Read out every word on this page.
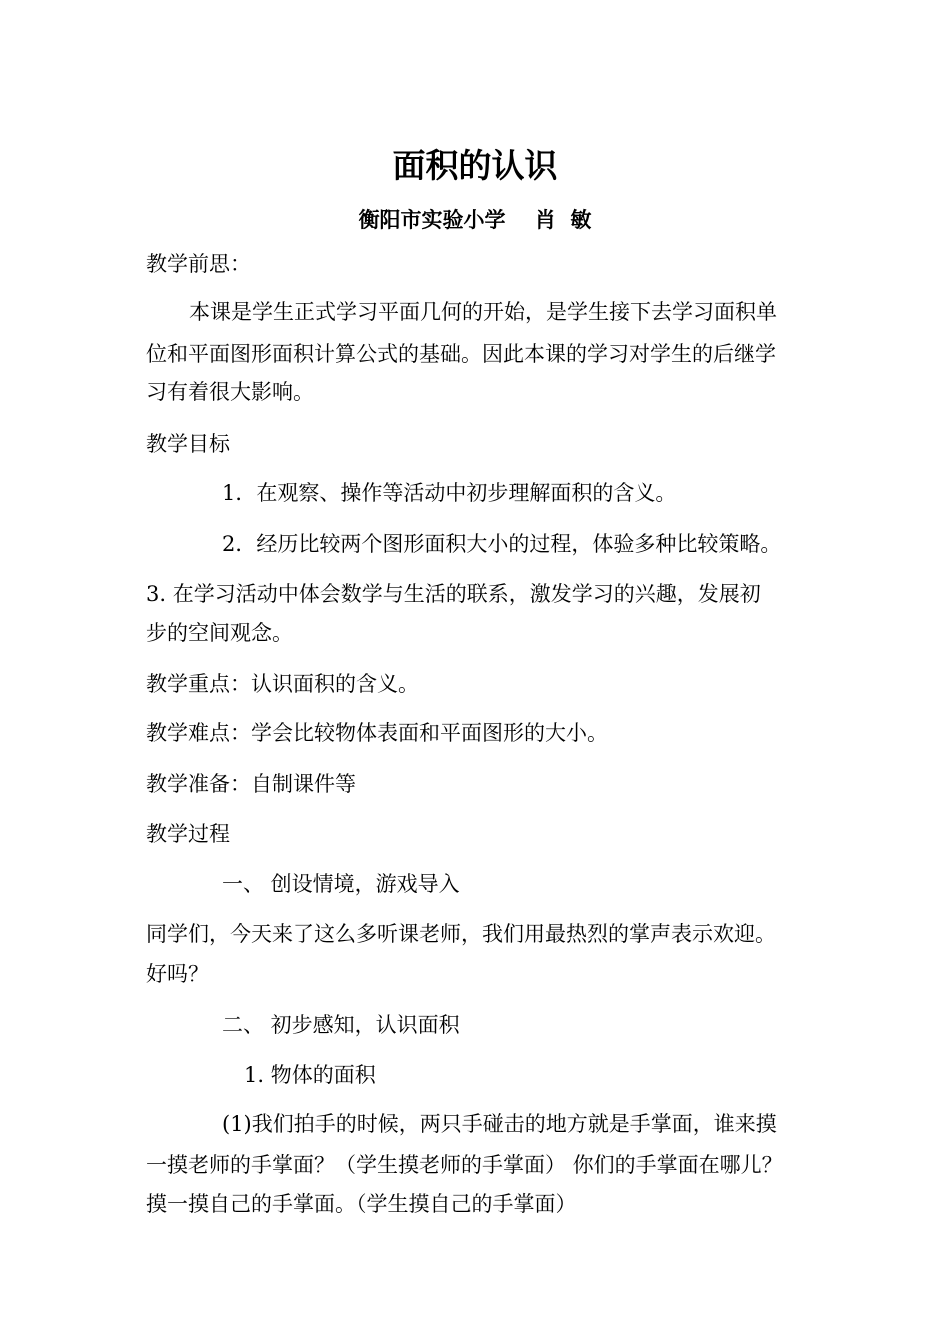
面积的认识
衡阳市实验小学    肖  敏
教学前思：
本课是学生正式学习平面几何的开始，是学生接下去学习面积单
位和平面图形面积计算公式的基础。因此本课的学习对学生的后继学
习有着很大影响。
教学目标
1．在观察、操作等活动中初步理解面积的含义。
2．经历比较两个图形面积大小的过程，体验多种比较策略。
3. 在学习活动中体会数学与生活的联系，激发学习的兴趣，发展初
步的空间观念。
教学重点：认识面积的含义。
教学难点：学会比较物体表面和平面图形的大小。
教学准备：自制课件等
教学过程
一、 创设情境，游戏导入
同学们，今天来了这么多听课老师，我们用最热烈的掌声表示欢迎。
好吗？
二、 初步感知，认识面积
1. 物体的面积
(1)我们拍手的时候，两只手碰击的地方就是手掌面，谁来摸
一摸老师的手掌面？（学生摸老师的手掌面） 你们的手掌面在哪儿？
摸一摸自己的手掌面。（学生摸自己的手掌面）
